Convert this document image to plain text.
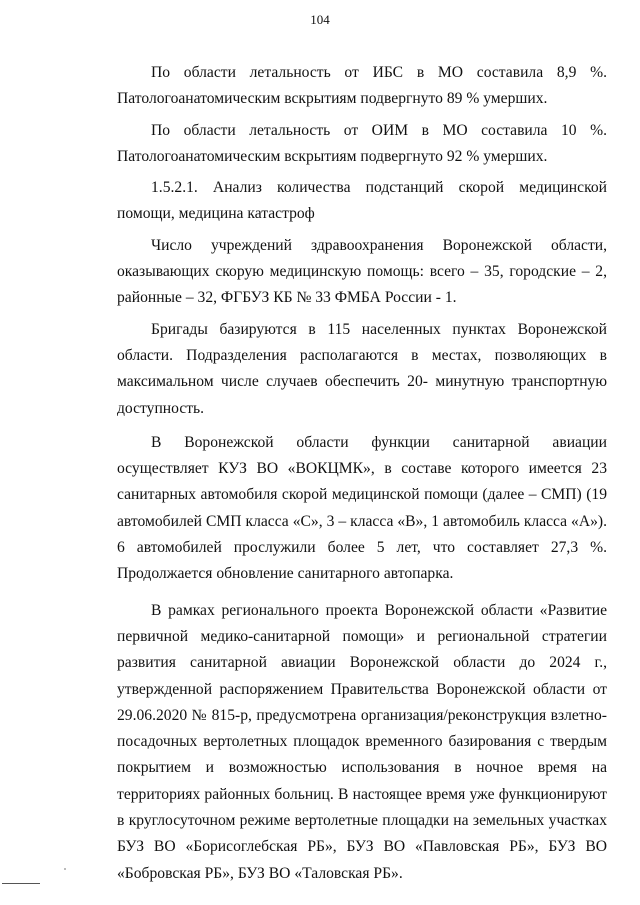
104

По области летальность от ИБС в МО составила 8,9 %. Патологоанатомическим вскрытиям подвергнуто 89 % умерших.

По области летальность от ОИМ в МО составила 10 %. Патологоанатомическим вскрытиям подвергнуто 92 % умерших.

1.5.2.1. Анализ количества подстанций скорой медицинской помощи, медицина катастроф

Число учреждений здравоохранения Воронежской области, оказывающих скорую медицинскую помощь: всего – 35, городские – 2, районные – 32, ФГБУЗ КБ № 33 ФМБА России - 1.

Бригады базируются в 115 населенных пунктах Воронежской области. Подразделения располагаются в местах, позволяющих в максимальном числе случаев обеспечить 20- минутную транспортную доступность.

В Воронежской области функции санитарной авиации осуществляет КУЗ ВО «ВОКЦМК», в составе которого имеется 23 санитарных автомобиля скорой медицинской помощи (далее – СМП) (19 автомобилей СМП класса «С», 3 – класса «В», 1 автомобиль класса «А»). 6 автомобилей прослужили более 5 лет, что составляет 27,3 %. Продолжается обновление санитарного автопарка.

В рамках регионального проекта Воронежской области «Развитие первичной медико-санитарной помощи» и региональной стратегии развития санитарной авиации Воронежской области до 2024 г., утвержденной распоряжением Правительства Воронежской области от 29.06.2020 № 815-р, предусмотрена организация/реконструкция взлетно-посадочных вертолетных площадок временного базирования с твердым покрытием и возможностью использования в ночное время на территориях районных больниц. В настоящее время уже функционируют в круглосуточном режиме вертолетные площадки на земельных участках БУЗ ВО «Борисоглебская РБ», БУЗ ВО «Павловская РБ», БУЗ ВО «Бобровская РБ», БУЗ ВО «Таловская РБ».
